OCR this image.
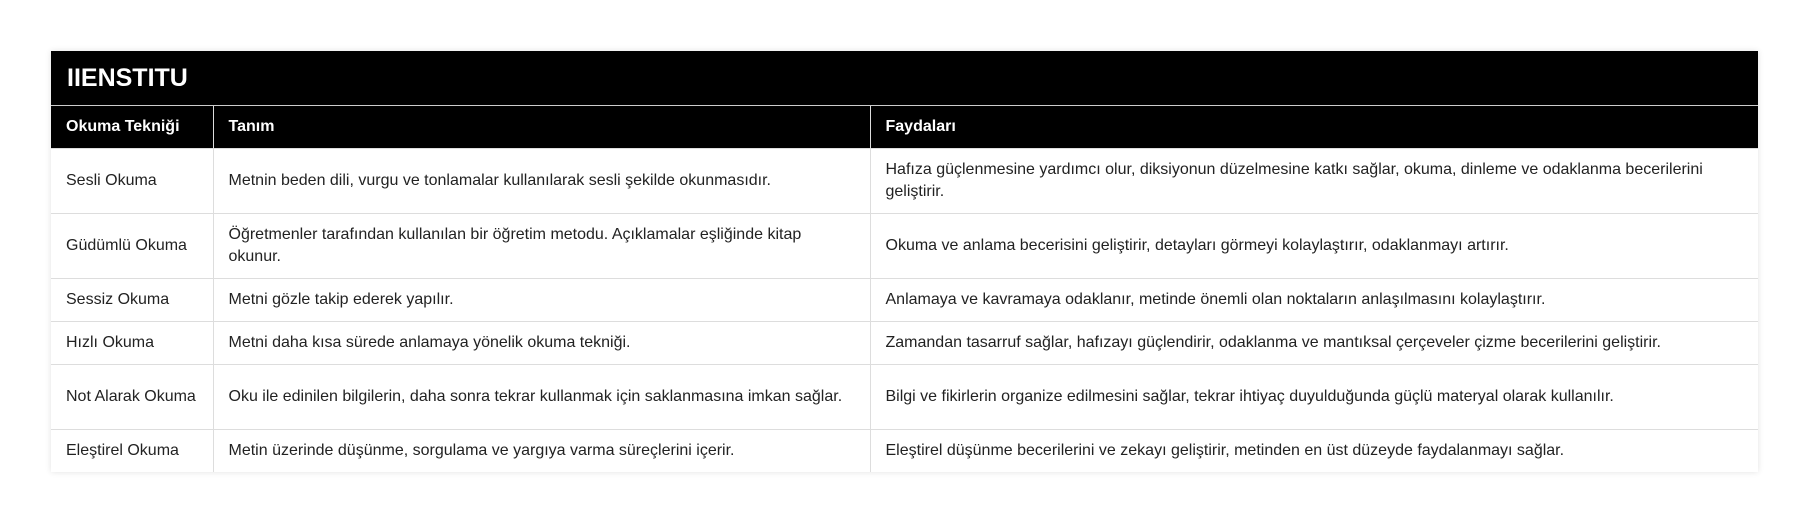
IIENSTITU
Okuma Tekniği	Tanım	Faydaları
Sesli Okuma	Metnin beden dili, vurgu ve tonlamalar kullanılarak sesli şekilde okunmasıdır.	Hafıza güçlenmesine yardımcı olur, diksiyonun düzelmesine katkı sağlar, okuma, dinleme ve odaklanma becerilerini geliştirir.
Güdümlü Okuma	Öğretmenler tarafından kullanılan bir öğretim metodu. Açıklamalar eşliğinde kitap okunur.	Okuma ve anlama becerisini geliştirir, detayları görmeyi kolaylaştırır, odaklanmayı artırır.
Sessiz Okuma	Metni gözle takip ederek yapılır.	Anlamaya ve kavramaya odaklanır, metinde önemli olan noktaların anlaşılmasını kolaylaştırır.
Hızlı Okuma	Metni daha kısa sürede anlamaya yönelik okuma tekniği.	Zamandan tasarruf sağlar, hafızayı güçlendirir, odaklanma ve mantıksal çerçeveler çizme becerilerini geliştirir.
Not Alarak Okuma	Oku ile edinilen bilgilerin, daha sonra tekrar kullanmak için saklanmasına imkan sağlar.	Bilgi ve fikirlerin organize edilmesini sağlar, tekrar ihtiyaç duyulduğunda güçlü materyal olarak kullanılır.
Eleştirel Okuma	Metin üzerinde düşünme, sorgulama ve yargıya varma süreçlerini içerir.	Eleştirel düşünme becerilerini ve zekayı geliştirir, metinden en üst düzeyde faydalanmayı sağlar.
